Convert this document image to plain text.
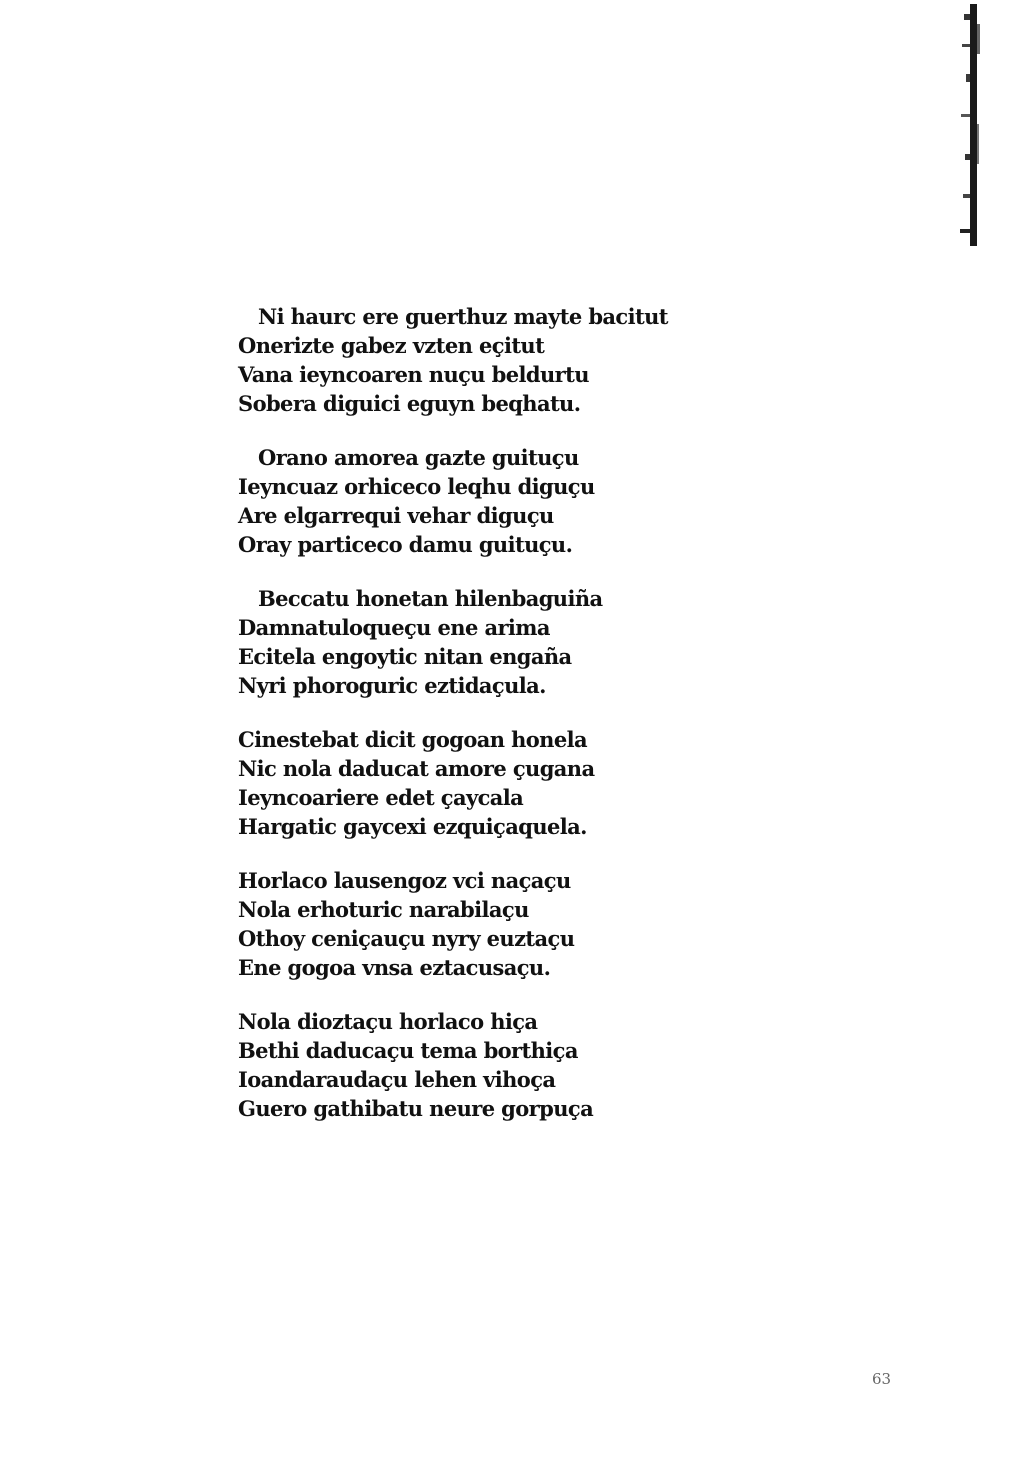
Ni haurc ere guerthuz mayte bacitut
Onerizte gabez vzten eçitut
Vana ieyncoaren nuçu beldurtu
Sobera diguici eguyn beqhatu.
Orano amorea gazte guituçu
Ieyncuaz orhiceco leqhu diguçu
Are elgarrequi vehar diguçu
Oray particeco damu guituçu.
Beccatu honetan hilenbaguiña
Damnatuloqueçu ene arima
Ecitela engoytic nitan engaña
Nyri phoroguric eztidaçula.
Cinestebat dicit gogoan honela
Nic nola daducat amore çugana
Ieyncoariere edet çaycala
Hargatic gaycexi ezquiçaquela.
Horlaco lausengoz vci naçaçu
Nola erhoturic narabilaçu
Othoy ceniçauçu nyry euztaçu
Ene gogoa vnsa eztacusaçu.
Nola dioztaçu horlaco hiça
Bethi daducaçu tema borthiça
Ioandaraudaçu lehen vihoça
Guero gathibatu neure gorpuça
63
